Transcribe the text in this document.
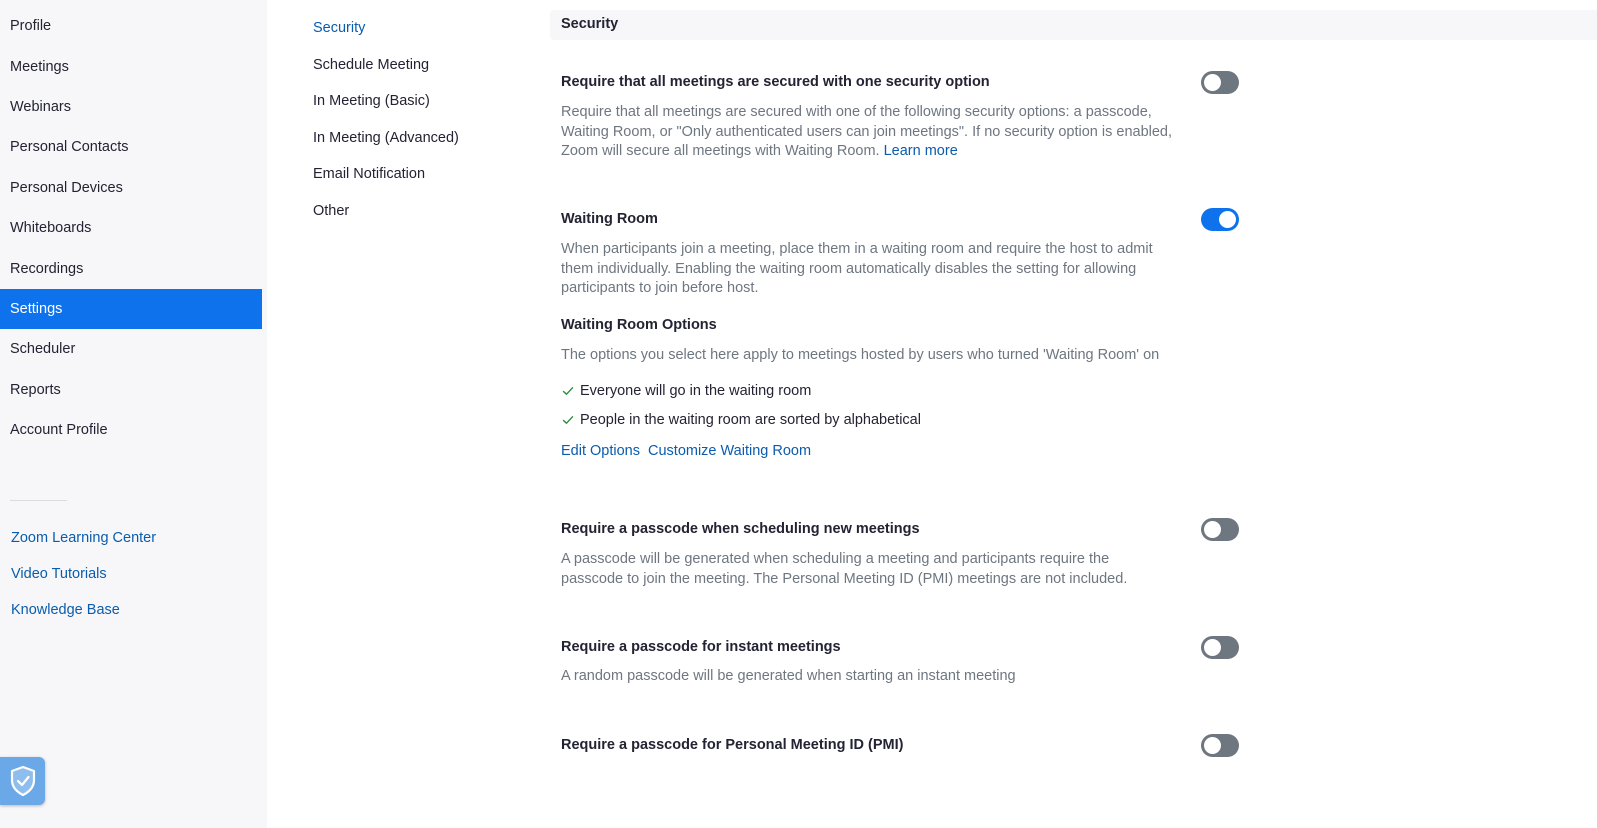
Profile
Meetings
Webinars
Personal Contacts
Personal Devices
Whiteboards
Recordings
Settings
Scheduler
Reports
Account Profile
Zoom Learning Center
Video Tutorials
Knowledge Base
Security
Schedule Meeting
In Meeting (Basic)
In Meeting (Advanced)
Email Notification
Other
Security
Require that all meetings are secured with one security option
Require that all meetings are secured with one of the following security options: a passcode, Waiting Room, or "Only authenticated users can join meetings". If no security option is enabled, Zoom will secure all meetings with Waiting Room. Learn more
Waiting Room
When participants join a meeting, place them in a waiting room and require the host to admit them individually. Enabling the waiting room automatically disables the setting for allowing participants to join before host.
Waiting Room Options
The options you select here apply to meetings hosted by users who turned 'Waiting Room' on
Everyone will go in the waiting room
People in the waiting room are sorted by alphabetical
Edit Options Customize Waiting Room
Require a passcode when scheduling new meetings
A passcode will be generated when scheduling a meeting and participants require the passcode to join the meeting. The Personal Meeting ID (PMI) meetings are not included.
Require a passcode for instant meetings
A random passcode will be generated when starting an instant meeting
Require a passcode for Personal Meeting ID (PMI)
